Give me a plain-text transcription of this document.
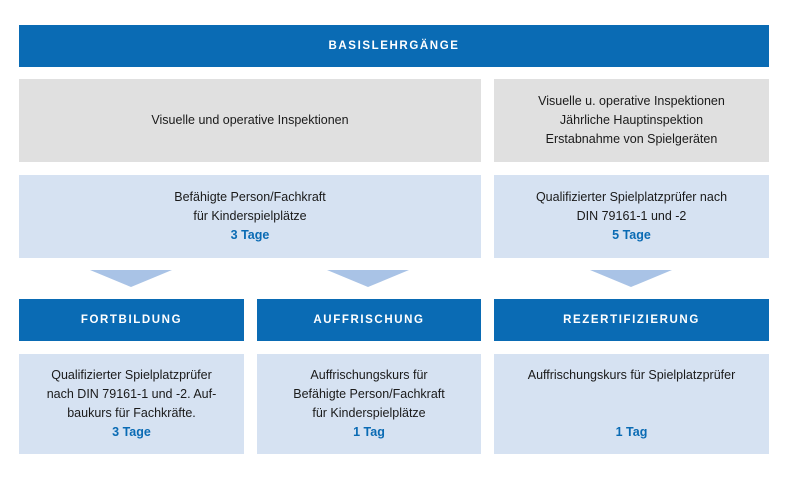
BASISLEHRGÄNGE
Visuelle und operative Inspektionen
Visuelle u. operative Inspektionen
Jährliche Hauptinspektion
Erstabnahme von Spielgeräten
Befähigte Person/Fachkraft
für Kinderspielplätze
3 Tage
Qualifizierter Spielplatzprüfer nach
DIN 79161-1 und -2
5 Tage
FORTBILDUNG	AUFFRISCHUNG	REZERTIFIZIERUNG
Qualifizierter Spielplatzprüfer
nach DIN 79161-1 und -2. Auf-
baukurs für Fachkräfte.
3 Tage
Auffrischungskurs für
Befähigte Person/Fachkraft
für Kinderspielplätze
1 Tag
Auffrischungskurs für Spielplatzprüfer
1 Tag
